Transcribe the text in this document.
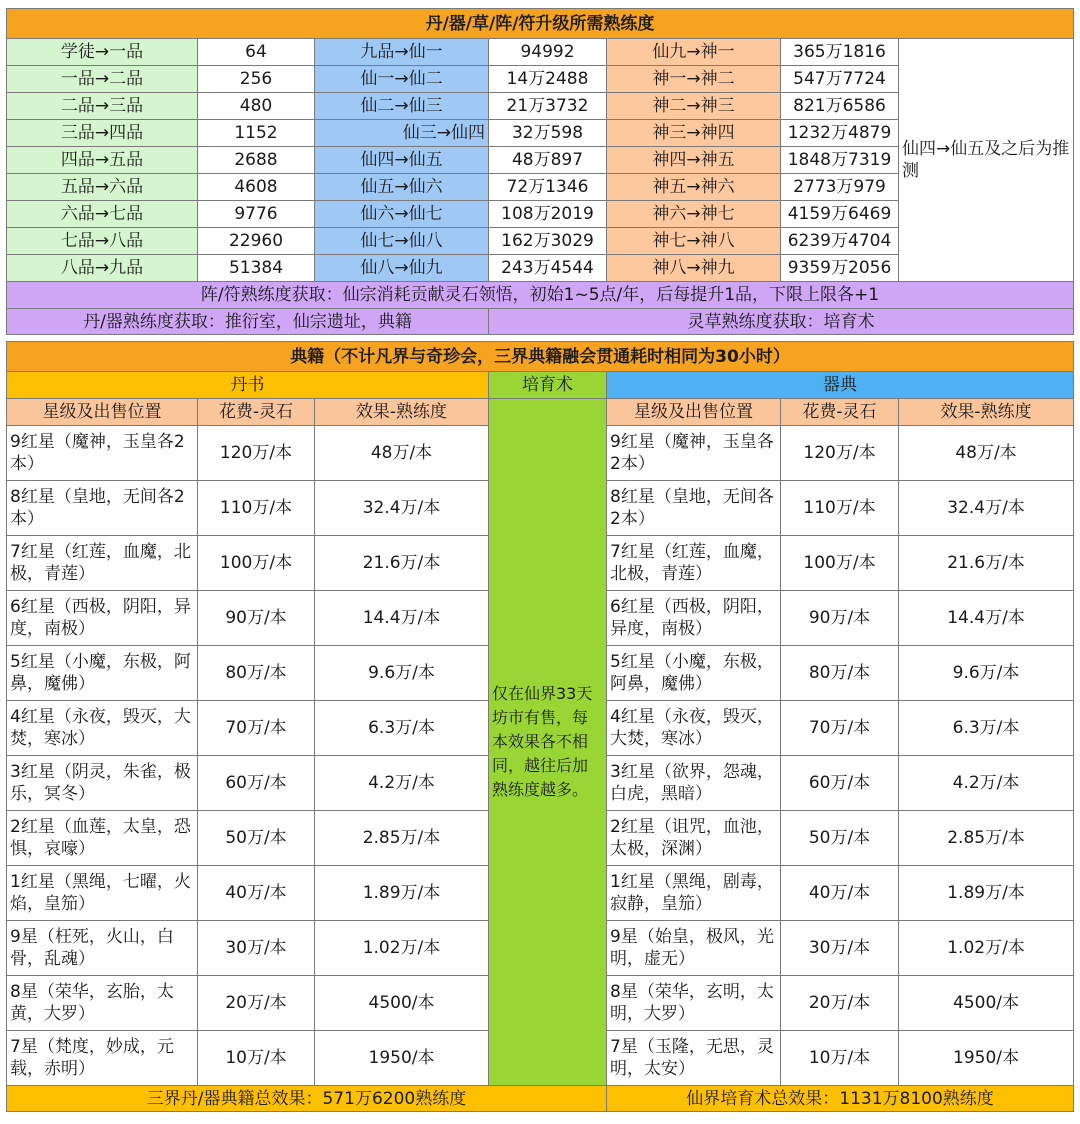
丹/器/草/阵/符升级所需熟练度						
学徒→一品	64	九品→仙一	94992	仙九→神一	365万1816	仙四→仙五及之后为推测
一品→二品	256	仙一→仙二	14万2488	神一→神二	547万7724	
二品→三品	480	仙二→仙三	21万3732	神二→神三	821万6586	
三品→四品	1152	仙三→仙四	32万598	神三→神四	1232万4879	
四品→五品	2688	仙四→仙五	48万897	神四→神五	1848万7319	
五品→六品	4608	仙五→仙六	72万1346	神五→神六	2773万979	
六品→七品	9776	仙六→仙七	108万2019	神六→神七	4159万6469	
七品→八品	22960	仙七→仙八	162万3029	神七→神八	6239万4704	
八品→九品	51384	仙八→仙九	243万4544	神八→神九	9359万2056	
阵/符熟练度获取：仙宗消耗贡献灵石领悟，初始1~5点/年，后每提升1品，下限上限各+1						
丹/器熟练度获取：推衍室，仙宗遗址，典籍			灵草熟练度获取：培育术			
典籍（不计凡界与奇珍会，三界典籍融会贯通耗时相同为30小时）						
丹书			培育术	器典		
星级及出售位置	花费-灵石	效果-熟练度	仅在仙界33天坊市有售，每本效果各不相同，越往后加熟练度越多。	星级及出售位置	花费-灵石	效果-熟练度
9红星（魔神，玉皇各2本）	120万/本	48万/本		9红星（魔神，玉皇各2本）	120万/本	48万/本
8红星（皇地，无间各2本）	110万/本	32.4万/本		8红星（皇地，无间各2本）	110万/本	32.4万/本
7红星（红莲，血魔，北极，青莲）	100万/本	21.6万/本		7红星（红莲，血魔，北极，青莲）	100万/本	21.6万/本
6红星（西极，阴阳，异度，南极）	90万/本	14.4万/本		6红星（西极，阴阳，异度，南极）	90万/本	14.4万/本
5红星（小魔，东极，阿鼻，魔佛）	80万/本	9.6万/本		5红星（小魔，东极，阿鼻，魔佛）	80万/本	9.6万/本
4红星（永夜，毁灭，大焚，寒冰）	70万/本	6.3万/本		4红星（永夜，毁灭，大焚，寒冰）	70万/本	6.3万/本
3红星（阴灵，朱雀，极乐，冥冬）	60万/本	4.2万/本		3红星（欲界，怨魂，白虎，黑暗）	60万/本	4.2万/本
2红星（血莲，太皇，恐惧，哀嚎）	50万/本	2.85万/本		2红星（诅咒，血池，太极，深渊）	50万/本	2.85万/本
1红星（黑绳，七曜，火焰，皇笳）	40万/本	1.89万/本		1红星（黑绳，剧毒，寂静，皇笳）	40万/本	1.89万/本
9星（枉死，火山，白骨，乱魂）	30万/本	1.02万/本		9星（始皇，极风，光明，虚无）	30万/本	1.02万/本
8星（荣华，玄胎，太黄，大罗）	20万/本	4500/本		8星（荣华，玄明，太明，大罗）	20万/本	4500/本
7星（梵度，妙成，元载，赤明）	10万/本	1950/本		7星（玉隆，无思，灵明，太安）	10万/本	1950/本
三界丹/器典籍总效果：571万6200熟练度				仙界培育术总效果：1131万8100熟练度		
